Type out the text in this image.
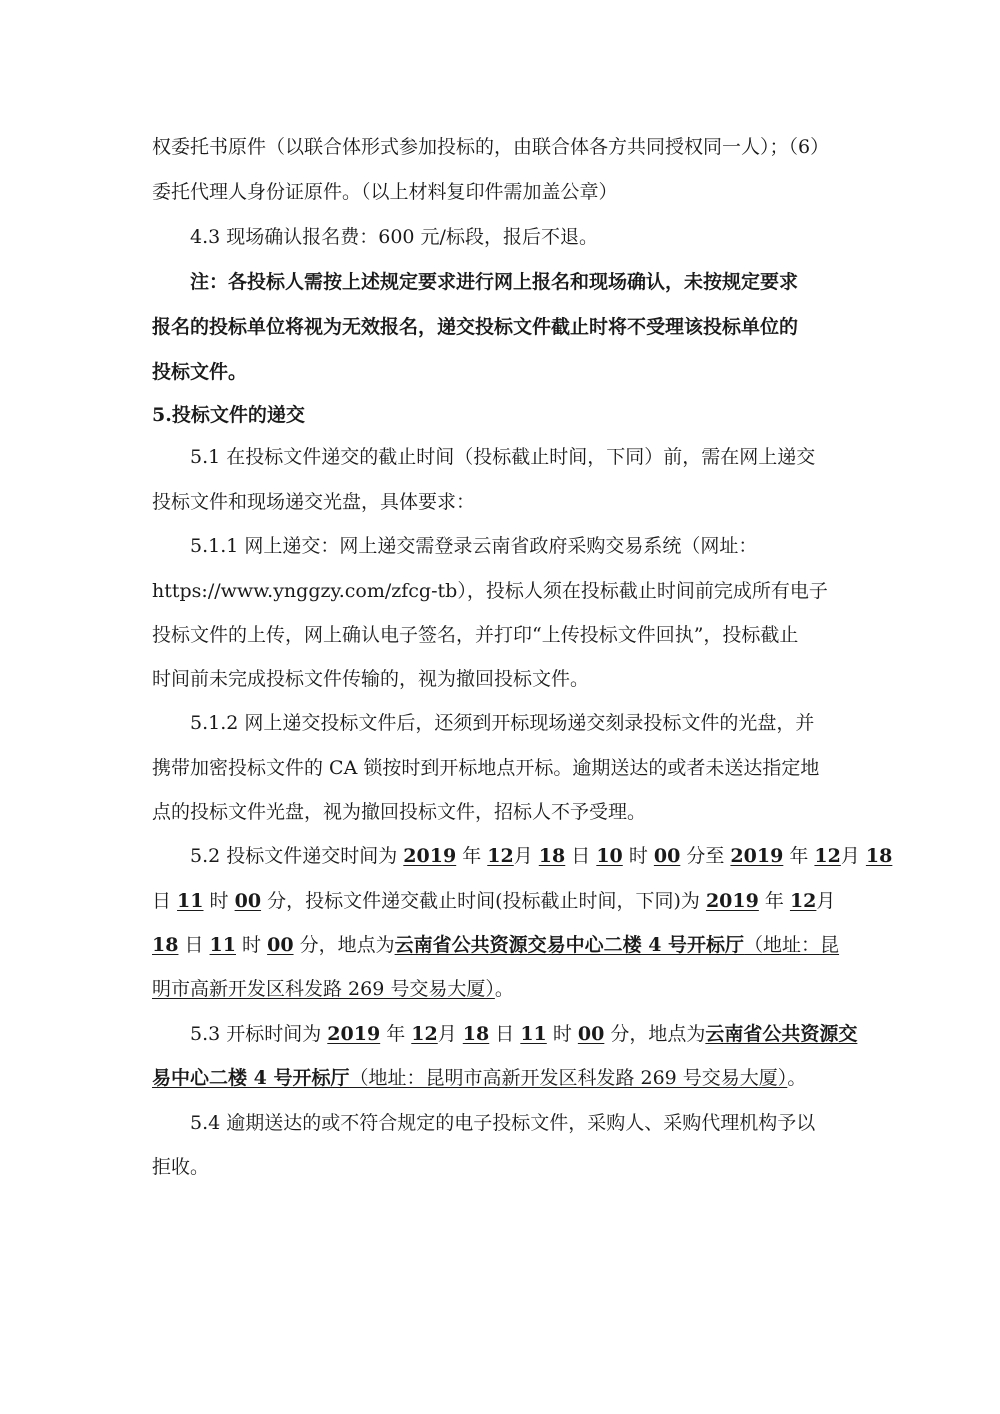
权委托书原件（以联合体形式参加投标的，由联合体各方共同授权同一人）；（6）
委托代理人身份证原件。（以上材料复印件需加盖公章）
4.3 现场确认报名费：600 元/标段，报后不退。
注：各投标人需按上述规定要求进行网上报名和现场确认，未按规定要求
报名的投标单位将视为无效报名，递交投标文件截止时将不受理该投标单位的
投标文件。
5.投标文件的递交
5.1 在投标文件递交的截止时间（投标截止时间，下同）前，需在网上递交
投标文件和现场递交光盘，具体要求：
5.1.1 网上递交：网上递交需登录云南省政府采购交易系统（网址：
https://www.ynggzy.com/zfcg-tb），投标人须在投标截止时间前完成所有电子
投标文件的上传，网上确认电子签名，并打印“上传投标文件回执”，投标截止
时间前未完成投标文件传输的，视为撤回投标文件。
5.1.2 网上递交投标文件后，还须到开标现场递交刻录投标文件的光盘，并
携带加密投标文件的 CA 锁按时到开标地点开标。逾期送达的或者未送达指定地
点的投标文件光盘，视为撤回投标文件，招标人不予受理。
5.2 投标文件递交时间为 2019 年 12月 18 日 10 时 00 分至 2019 年 12月 18
日 11 时 00 分，投标文件递交截止时间(投标截止时间，下同)为 2019 年 12月
18 日 11 时 00 分，地点为云南省公共资源交易中心二楼 4 号开标厅（地址：昆
明市高新开发区科发路 269 号交易大厦）。
5.3 开标时间为 2019 年 12月 18 日 11 时 00 分，地点为云南省公共资源交
易中心二楼 4 号开标厅（地址：昆明市高新开发区科发路 269 号交易大厦）。
5.4 逾期送达的或不符合规定的电子投标文件，采购人、采购代理机构予以
拒收。
